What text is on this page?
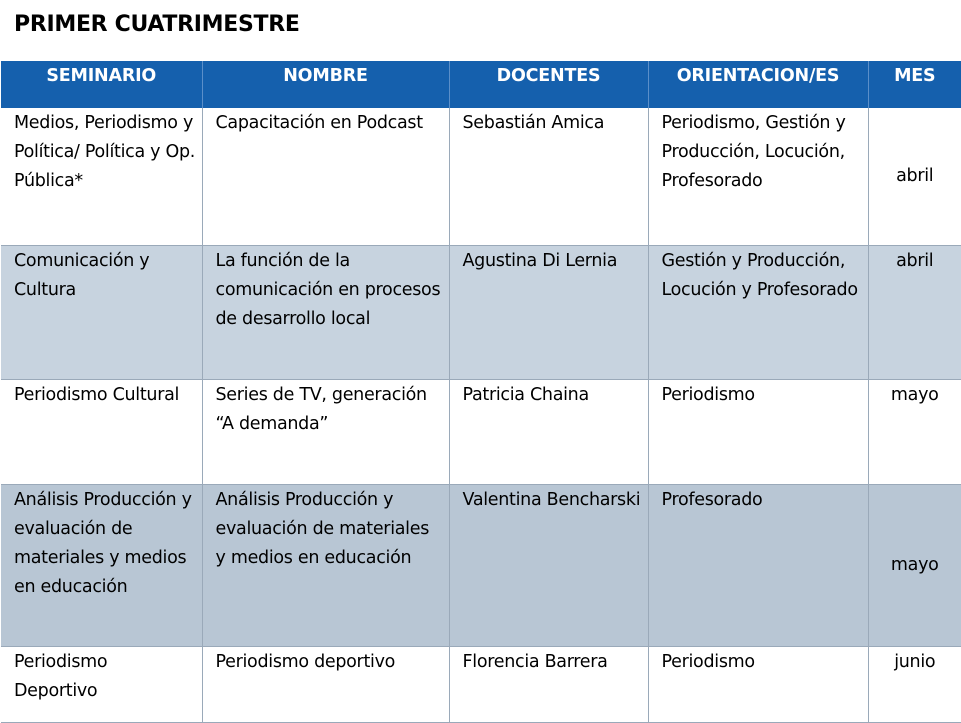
PRIMER CUATRIMESTRE
SEMINARIO	NOMBRE	DOCENTES	ORIENTACION/ES	MES
Medios, Periodismo y Política/ Política y Op. Pública*	Capacitación en Podcast	Sebastián Amica	Periodismo, Gestión y Producción, Locución, Profesorado	abril
Comunicación y Cultura	La función de la comunicación en procesos de desarrollo local	Agustina Di Lernia	Gestión y Producción, Locución y Profesorado	abril
Periodismo Cultural	Series de TV, generación “A demanda”	Patricia Chaina	Periodismo	mayo
Análisis Producción y evaluación de materiales y medios en educación	Análisis Producción y evaluación de materiales y medios en educación	Valentina Bencharski	Profesorado	mayo
Periodismo Deportivo	Periodismo deportivo	Florencia Barrera	Periodismo	junio
